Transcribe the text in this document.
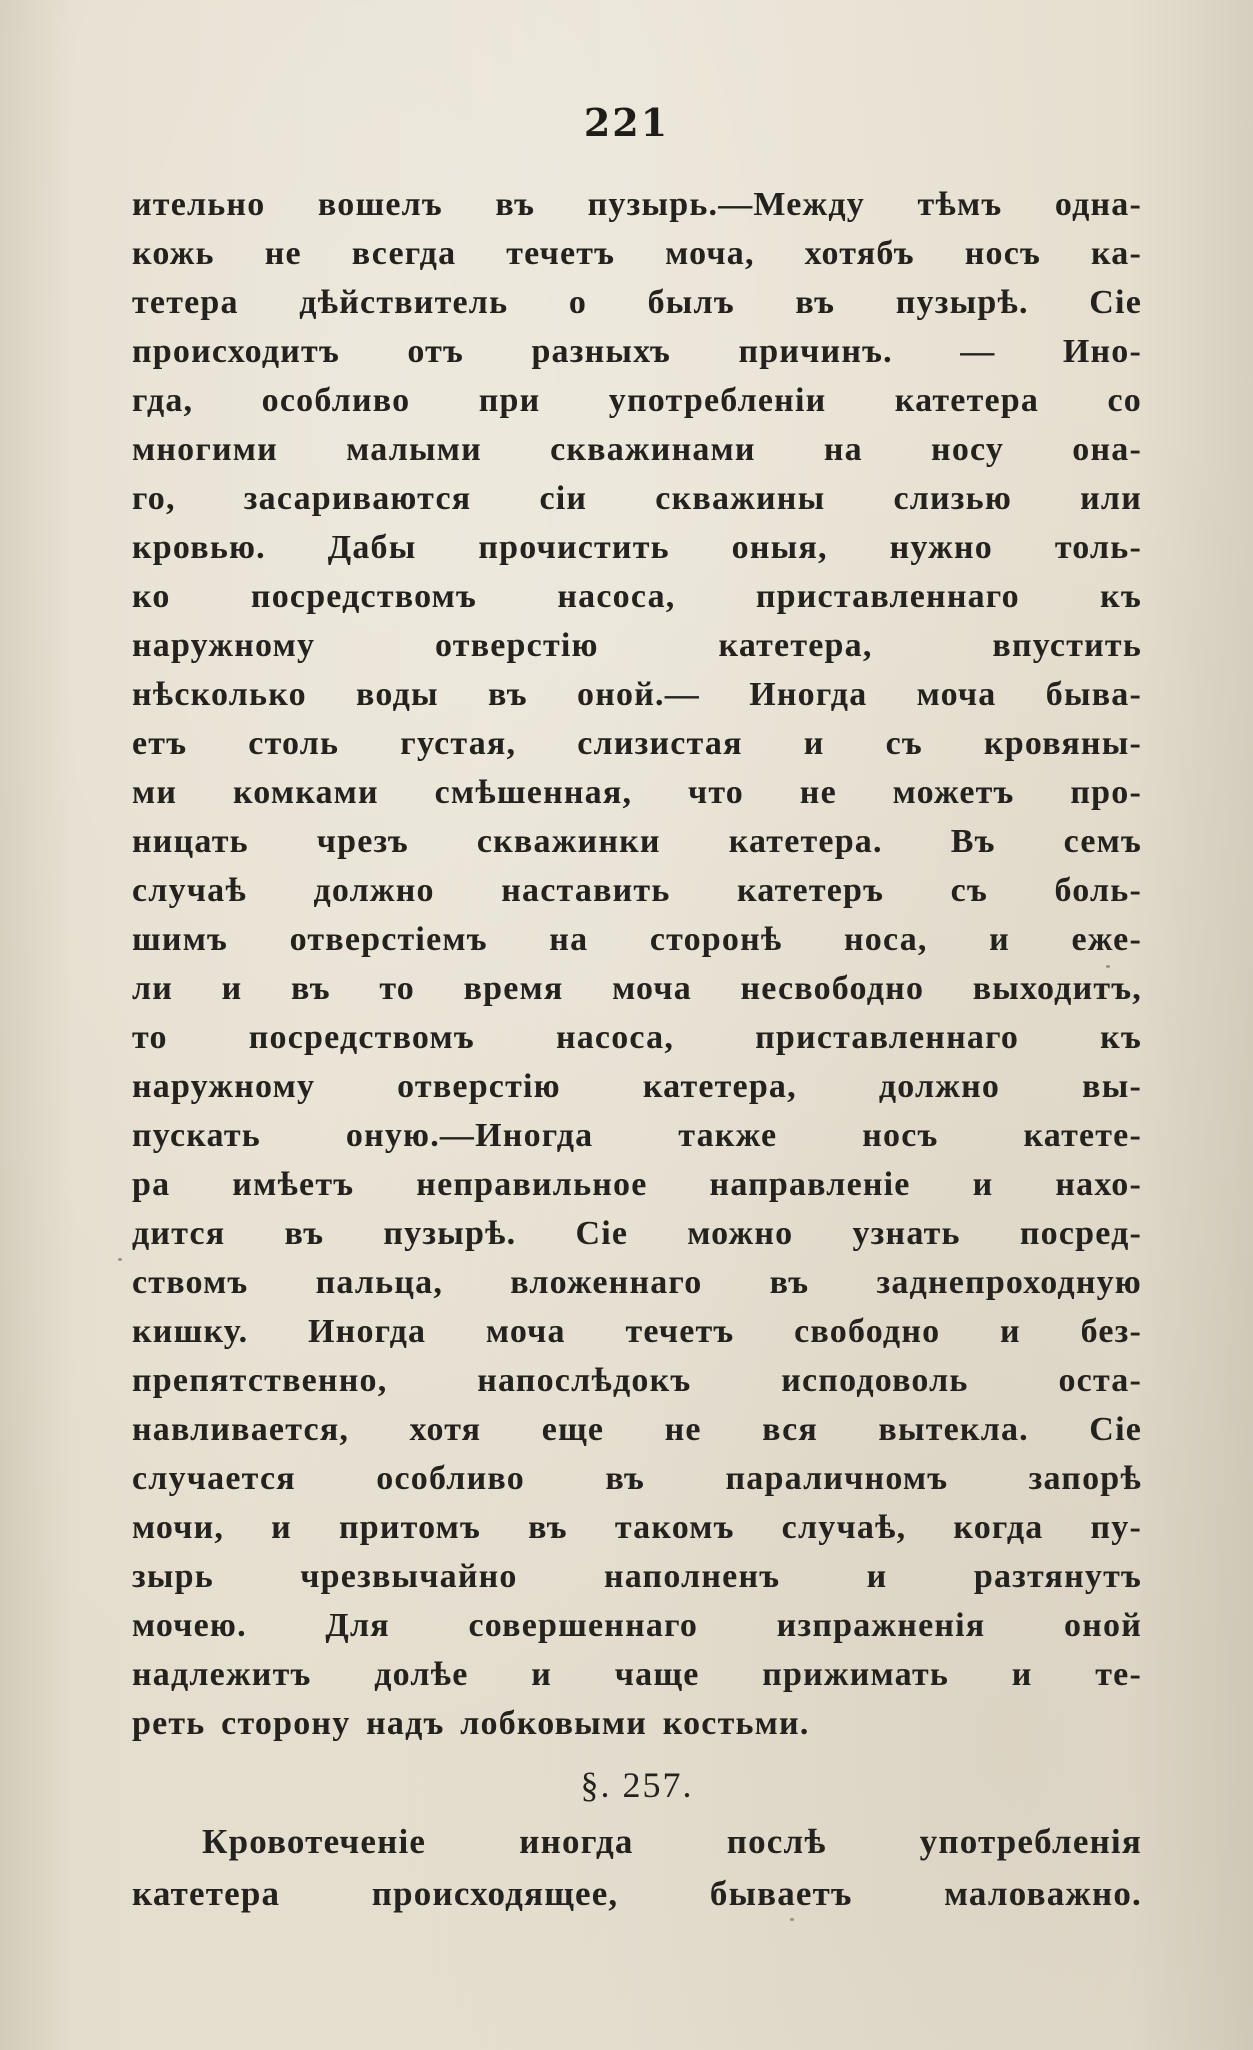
221
ительно вошелъ въ пузырь.—Между тѣмъ одна-
кожь не всегда течетъ моча, хотябъ носъ ка-
тетера дѣйствитель о былъ въ пузырѣ. Сіе
происходитъ отъ разныхъ причинъ. — Ино-
гда, особливо при употребленіи катетера со
многими малыми скважинами на носу она-
го, засариваются сіи скважины слизью или
кровью. Дабы прочистить оныя, нужно толь-
ко посредствомъ насоса, приставленнаго къ
наружному отверстію катетера, впустить
нѣсколько воды въ оной.— Иногда моча быва-
етъ столь густая, слизистая и съ кровяны-
ми комками смѣшенная, что не можетъ про-
ницать чрезъ скважинки катетера. Въ семъ
случаѣ должно наставить катетеръ съ боль-
шимъ отверстіемъ на сторонѣ носа, и еже-
ли и въ то время моча несвободно выходитъ,
то посредствомъ насоса, приставленнаго къ
наружному отверстію катетера, должно вы-
пускать оную.—Иногда также носъ катете-
ра имѣетъ неправильное направленіе и нахо-
дится въ пузырѣ. Сіе можно узнать посред-
ствомъ пальца, вложеннаго въ заднепроходную
кишку. Иногда моча течетъ свободно и без-
препятственно, напослѣдокъ исподоволь оста-
навливается, хотя еще не вся вытекла. Сіе
случается особливо въ параличномъ запорѣ
мочи, и притомъ въ такомъ случаѣ, когда пу-
зырь чрезвычайно наполненъ и разтянутъ
мочею. Для совершеннаго изпражненія оной
надлежитъ долѣе и чаще прижимать и те-
реть сторону надъ лобковыми костьми.
§. 257.
Кровотеченіе иногда послѣ употребленія
катетера происходящее, бываетъ маловажно.
